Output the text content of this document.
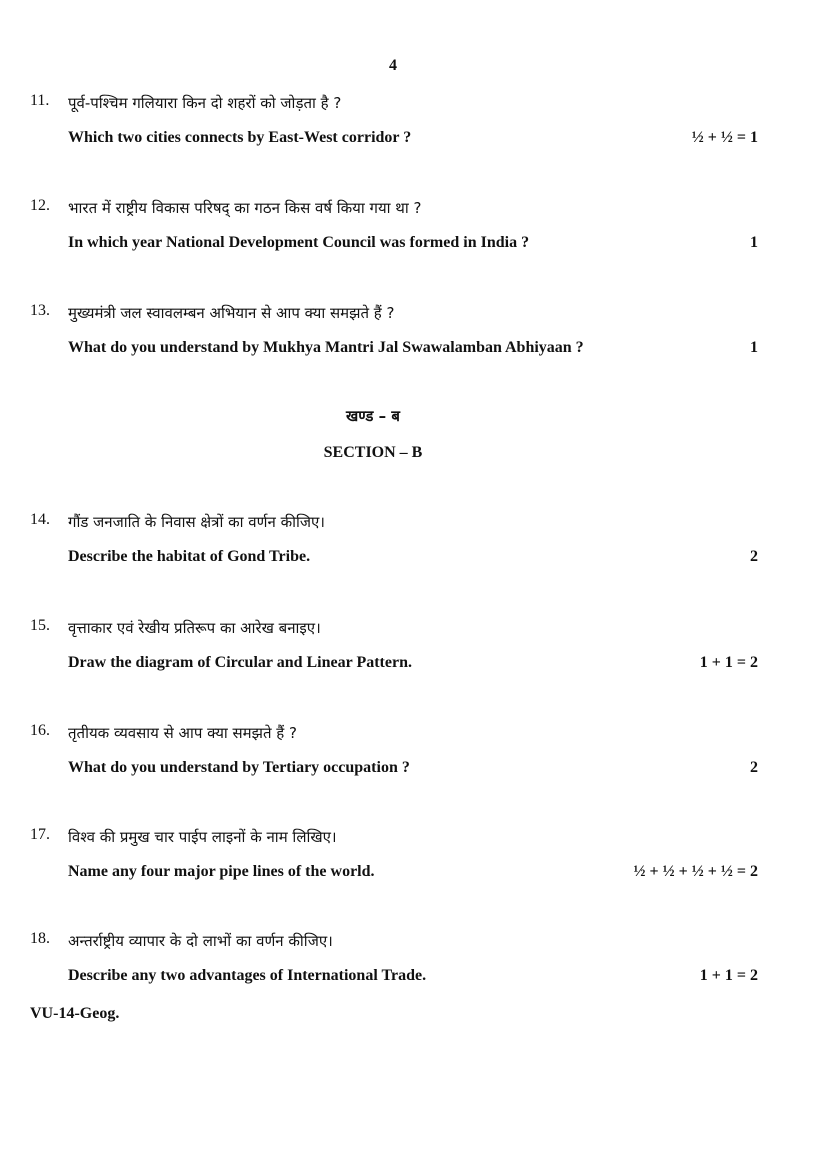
4
11. पूर्व-पश्चिम गलियारा किन दो शहरों को जोड़ता है ?
Which two cities connects by East-West corridor ?	½ + ½ = 1
12. भारत में राष्ट्रीय विकास परिषद् का गठन किस वर्ष किया गया था ?
In which year National Development Council was formed in India ?	1
13. मुख्यमंत्री जल स्वावलम्बन अभियान से आप क्या समझते हैं ?
What do you understand by Mukhya Mantri Jal Swawalamban Abhiyaan ?	1
खण्ड – ब
SECTION – B
14. गौंड जनजाति के निवास क्षेत्रों का वर्णन कीजिए।
Describe the habitat of Gond Tribe.	2
15. वृत्ताकार एवं रेखीय प्रतिरूप का आरेख बनाइए।
Draw the diagram of Circular and Linear Pattern.	1 + 1 = 2
16. तृतीयक व्यवसाय से आप क्या समझते हैं ?
What do you understand by Tertiary occupation ?	2
17. विश्व की प्रमुख चार पाईप लाइनों के नाम लिखिए।
Name any four major pipe lines of the world.	½ + ½ + ½ + ½ = 2
18. अन्तर्राष्ट्रीय व्यापार के दो लाभों का वर्णन कीजिए।
Describe any two advantages of International Trade.	1 + 1 = 2
VU-14-Geog.
